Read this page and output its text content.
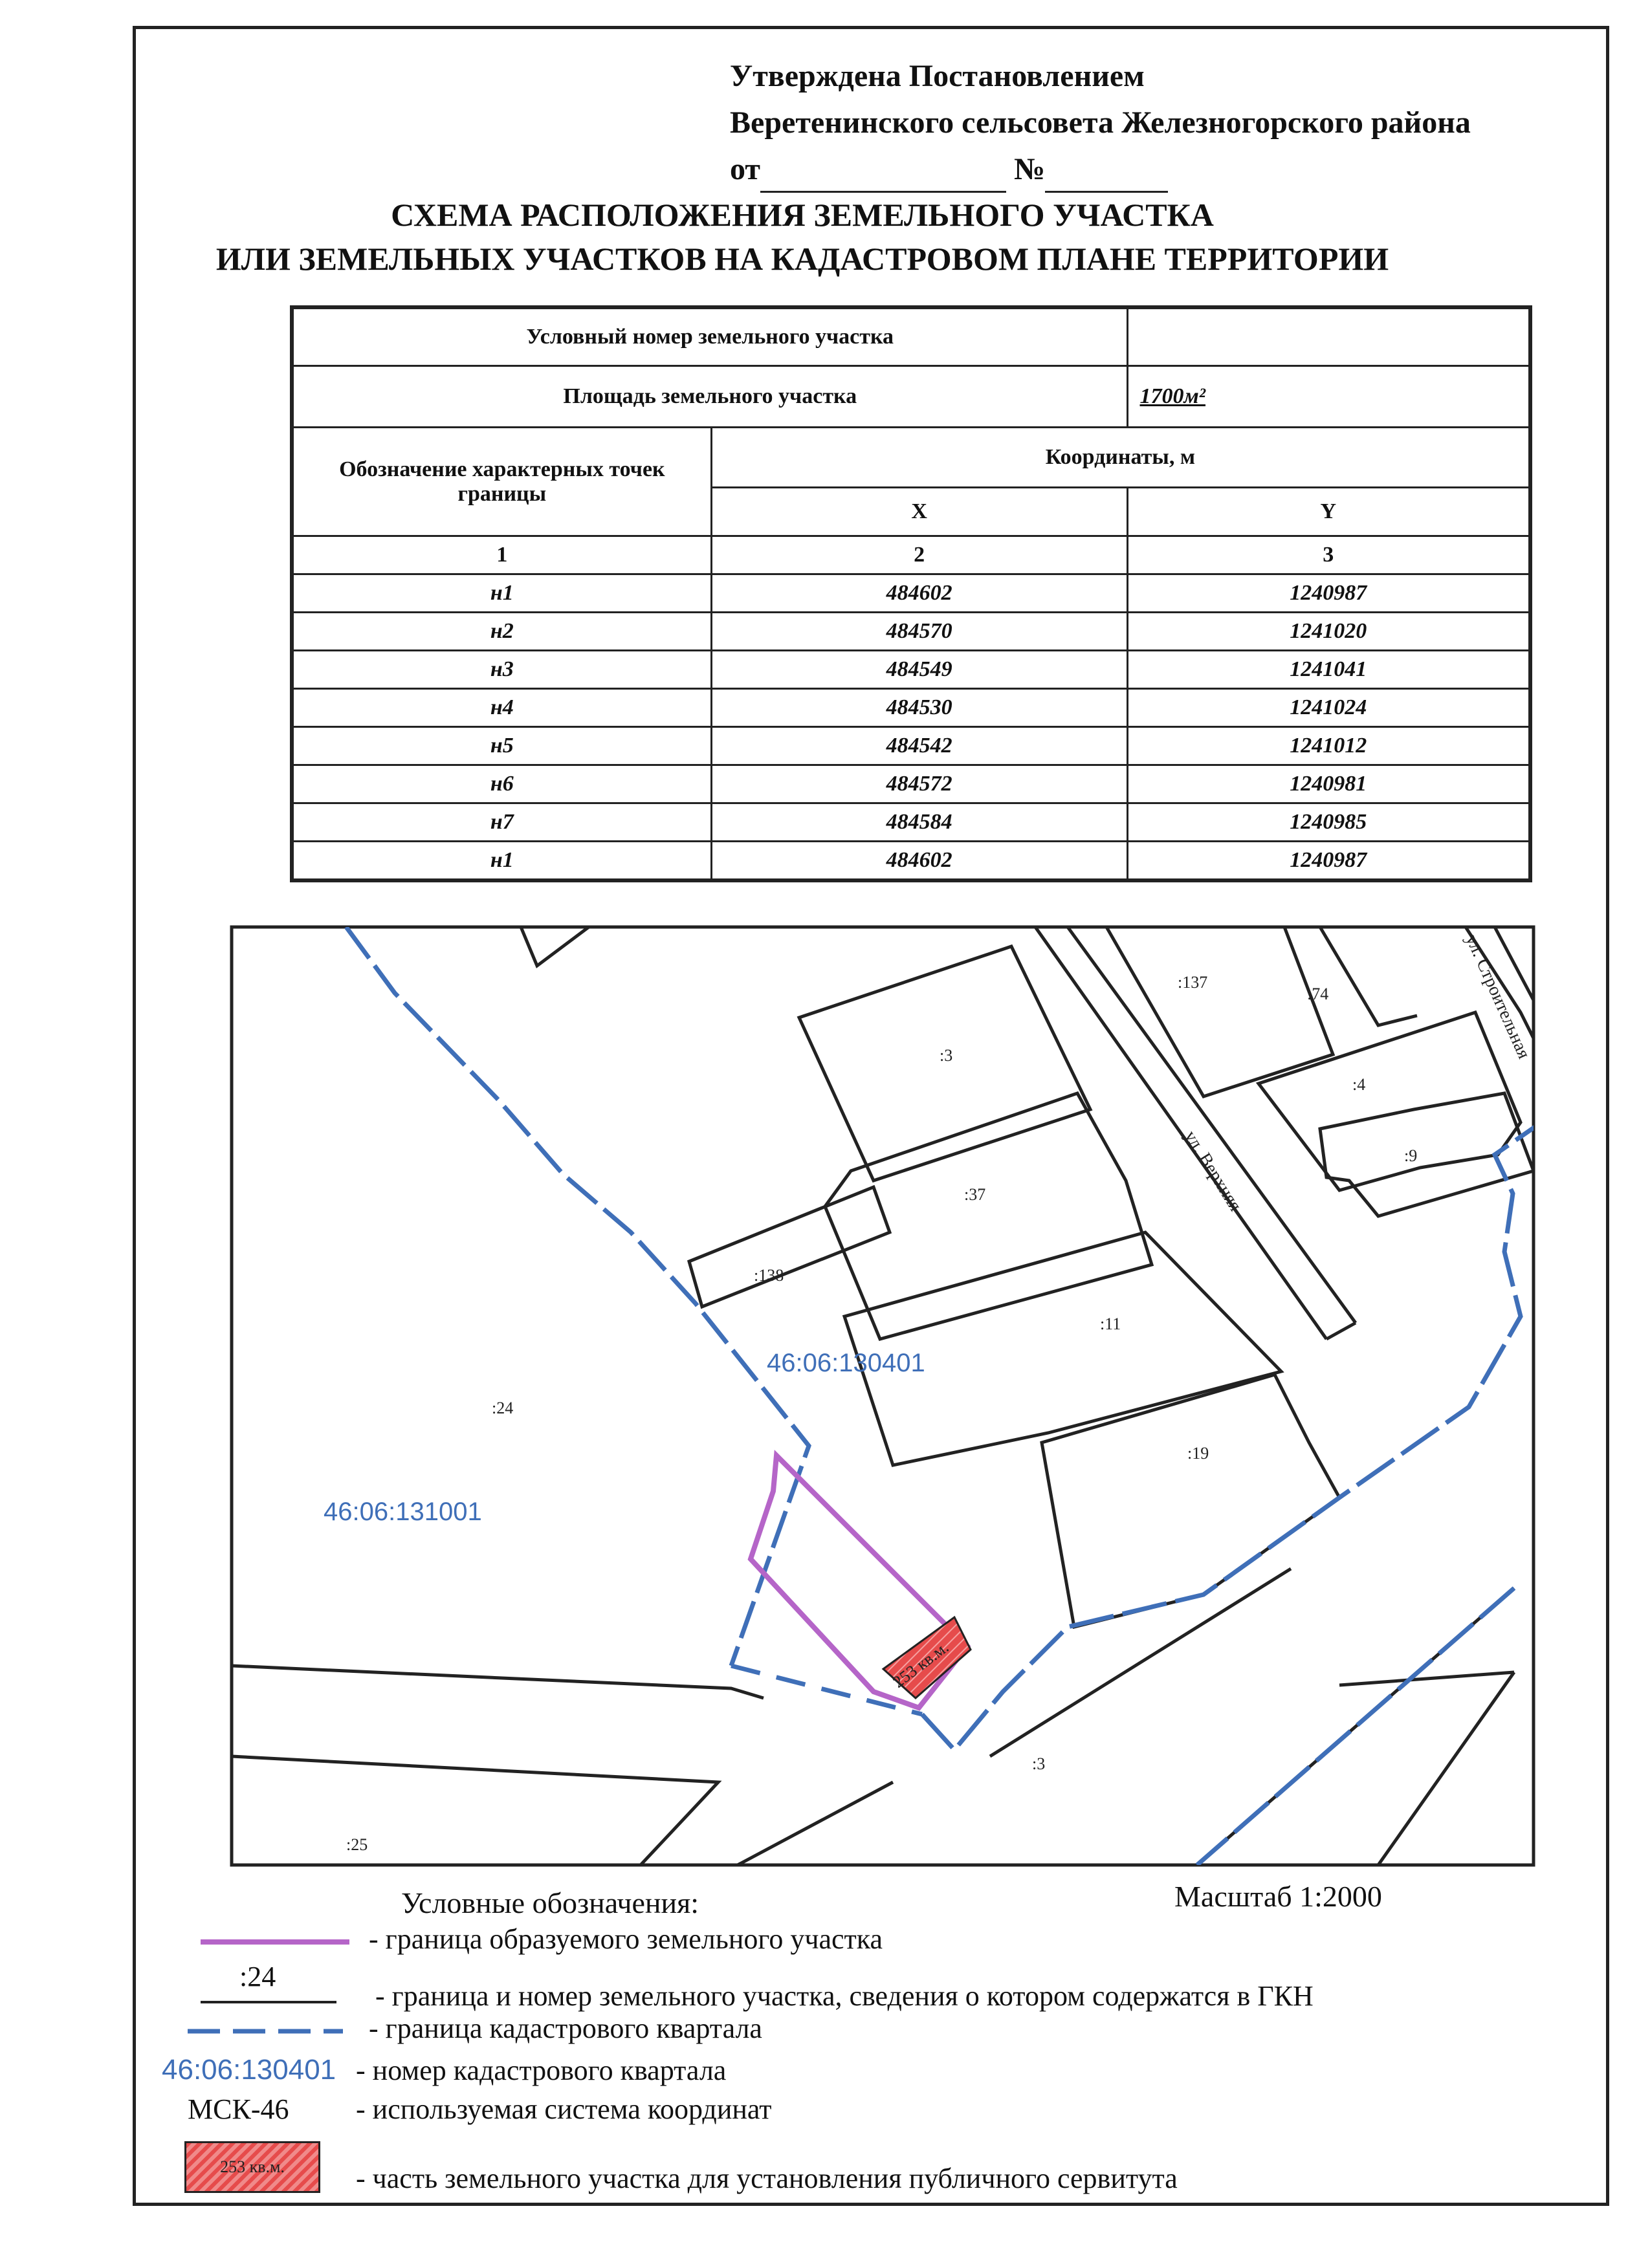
Утверждена Постановлением
Веретенинского сельсовета Железногорского района
от	№
СХЕМА РАСПОЛОЖЕНИЯ ЗЕМЕЛЬНОГО УЧАСТКА
ИЛИ ЗЕМЕЛЬНЫХ УЧАСТКОВ НА КАДАСТРОВОМ ПЛАНЕ ТЕРРИТОРИИ
Условный номер земельного участка		
Площадь земельного участка		1700м²
Обозначение характерных точек границы	Координаты, м	
	X	Y
1	2	3
н1	484602	1240987
н2	484570	1241020
н3	484549	1241041
н4	484530	1241024
н5	484542	1241012
н6	484572	1240981
н7	484584	1240985
н1	484602	1240987
253 кв.м.
:3
:37
:138
:137
:74
:4
:9
:11
:19
:24
:25
:3
46:06:130401
46:06:131001
ул. Верхняя
ул. Строительная
Масштаб 1:2000
Условные обозначения:
- граница образуемого земельного участка
:24
- граница и номер земельного участка, сведения о котором содержатся в ГКН
- граница кадастрового квартала
46:06:130401 - номер кадастрового квартала
МСК-46 - используемая система координат
253 кв.м.	- часть земельного участка для установления публичного сервитута
